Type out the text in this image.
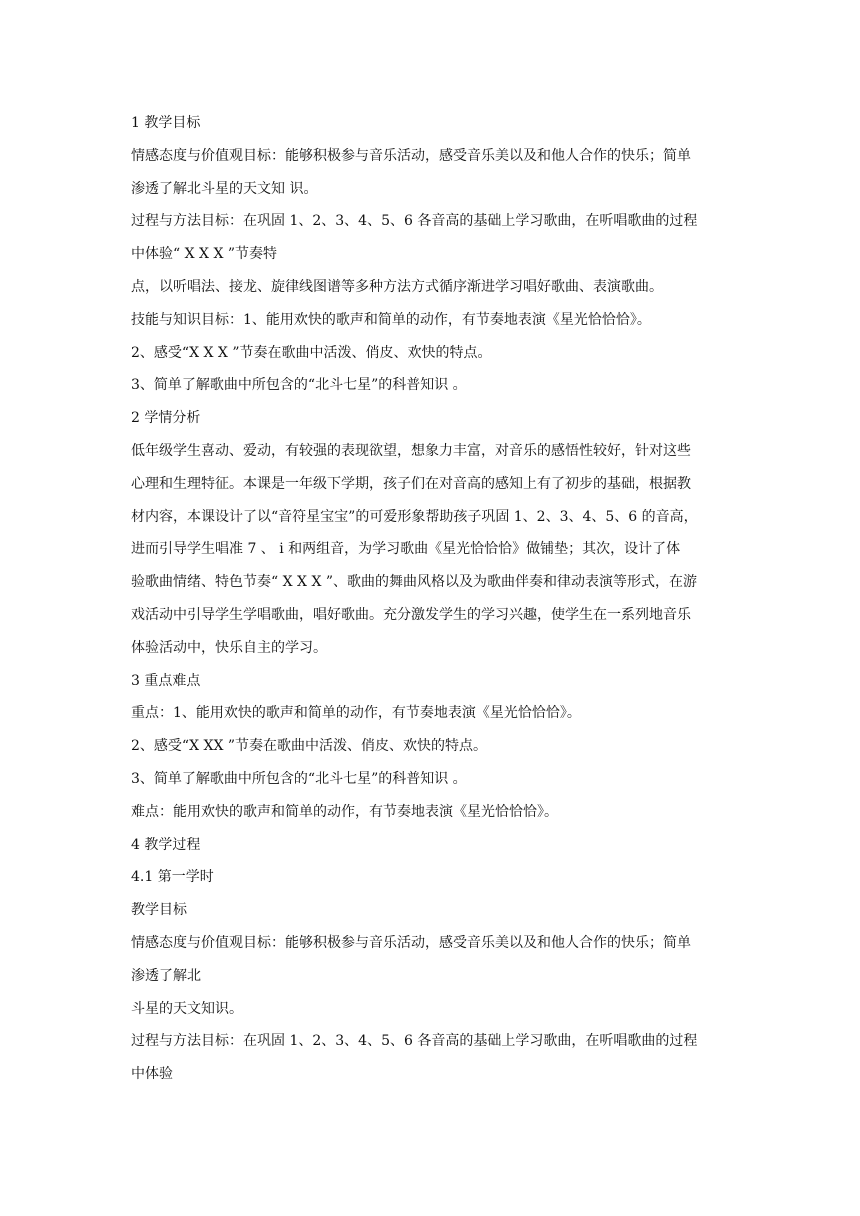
1 教学目标
情感态度与价值观目标：能够积极参与音乐活动，感受音乐美以及和他人合作的快乐；简单
渗透了解北斗星的天文知 识。
过程与方法目标：在巩固 1、2、3、4、5、6 各音高的基础上学习歌曲，在听唱歌曲的过程
中体验“ X X X ”节奏特
点，以听唱法、接龙、旋律线图谱等多种方法方式循序渐进学习唱好歌曲、表演歌曲。
技能与知识目标：1、能用欢快的歌声和简单的动作，有节奏地表演《星光恰恰恰》。
2、感受“X X X ”节奏在歌曲中活泼、俏皮、欢快的特点。
3、简单了解歌曲中所包含的“北斗七星”的科普知识 。
2 学情分析
低年级学生喜动、爱动，有较强的表现欲望，想象力丰富，对音乐的感悟性较好，针对这些
心理和生理特征。本课是一年级下学期，孩子们在对音高的感知上有了初步的基础，根据教
材内容，本课设计了以“音符星宝宝”的可爱形象帮助孩子巩固 1、2、3、4、5、6 的音高，
进而引导学生唱准 7 、 i 和两组音，为学习歌曲《星光恰恰恰》做铺垫；其次，设计了体
验歌曲情绪、特色节奏“ X X X ”、歌曲的舞曲风格以及为歌曲伴奏和律动表演等形式，在游
戏活动中引导学生学唱歌曲，唱好歌曲。充分激发学生的学习兴趣，使学生在一系列地音乐
体验活动中，快乐自主的学习。
3 重点难点
重点：1、能用欢快的歌声和简单的动作，有节奏地表演《星光恰恰恰》。
2、感受“X XX ”节奏在歌曲中活泼、俏皮、欢快的特点。
3、简单了解歌曲中所包含的“北斗七星”的科普知识 。
难点：能用欢快的歌声和简单的动作，有节奏地表演《星光恰恰恰》。
4 教学过程
4.1 第一学时
教学目标
情感态度与价值观目标：能够积极参与音乐活动，感受音乐美以及和他人合作的快乐；简单
渗透了解北
斗星的天文知识。
过程与方法目标：在巩固 1、2、3、4、5、6 各音高的基础上学习歌曲，在听唱歌曲的过程
中体验
